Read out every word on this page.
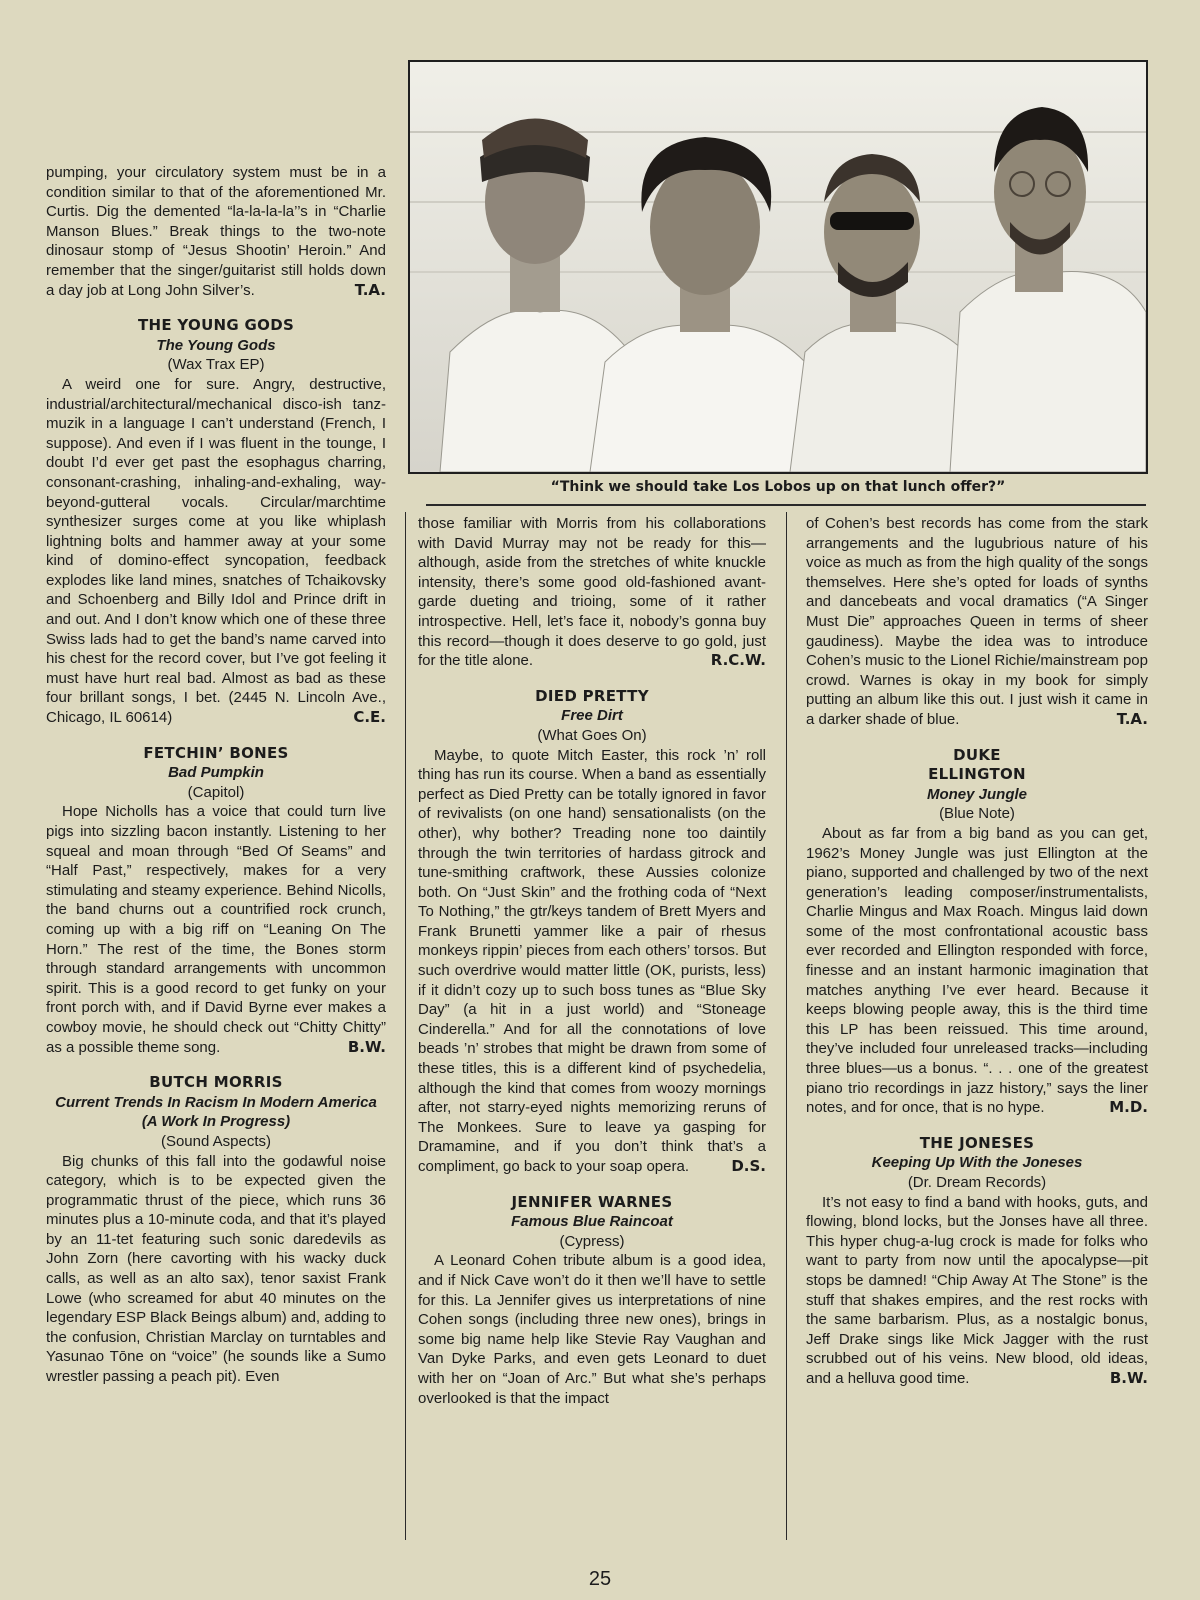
“Think we should take Los Lobos up on that lunch offer?”

pumping, your circulatory system must be in a condition similar to that of the aforementioned Mr. Curtis. Dig the demented “la-la-la-la’’s in “Charlie Manson Blues.” Break things to the two-note dinosaur stomp of “Jesus Shootin’ Heroin.” And remember that the singer/guitarist still holds down a day job at Long John Silver’s.	T.A.

THE YOUNG GODS

The Young Gods

(Wax Trax EP)

A weird one for sure. Angry, destructive, industrial/architectural/mechanical disco-ish tanz-muzik in a language I can’t understand (French, I suppose). And even if I was fluent in the tounge, I doubt I’d ever get past the esophagus charring, consonant-crashing, inhaling-and-exhaling, way-beyond-gutteral vocals. Circular/marchtime synthesizer surges come at you like whiplash lightning bolts and hammer away at your some kind of domino-effect syncopation, feedback explodes like land mines, snatches of Tchaikovsky and Schoenberg and Billy Idol and Prince drift in and out. And I don’t know which one of these three Swiss lads had to get the band’s name carved into his chest for the record cover, but I’ve got feeling it must have hurt real bad. Almost as bad as these four brillant songs, I bet. (2445 N. Lincoln Ave., Chicago, IL 60614)	C.E.

FETCHIN’ BONES

Bad Pumpkin

(Capitol)

Hope Nicholls has a voice that could turn live pigs into sizzling bacon instantly. Listening to her squeal and moan through “Bed Of Seams” and “Half Past,” respectively, makes for a very stimulating and steamy experience. Behind Nicolls, the band churns out a countrified rock crunch, coming up with a big riff on “Leaning On The Horn.” The rest of the time, the Bones storm through standard arrangements with uncommon spirit. This is a good record to get funky on your front porch with, and if David Byrne ever makes a cowboy movie, he should check out “Chitty Chitty” as a possible theme song.	B.W.

BUTCH MORRIS

Current Trends In Racism In Modern America (A Work In Progress)

(Sound Aspects)

Big chunks of this fall into the godawful noise category, which is to be expected given the programmatic thrust of the piece, which runs 36 minutes plus a 10-minute coda, and that it’s played by an 11-tet featuring such sonic daredevils as John Zorn (here cavorting with his wacky duck calls, as well as an alto sax), tenor saxist Frank Lowe (who screamed for abut 40 minutes on the legendary ESP Black Beings album) and, adding to the confusion, Christian Marclay on turntables and Yasunao Tōne on “voice” (he sounds like a Sumo wrestler passing a peach pit). Even

those familiar with Morris from his collaborations with David Murray may not be ready for this—although, aside from the stretches of white knuckle intensity, there’s some good old-fashioned avant-garde dueting and trioing, some of it rather introspective. Hell, let’s face it, nobody’s gonna buy this record—though it does deserve to go gold, just for the title alone.	R.C.W.

DIED PRETTY

Free Dirt

(What Goes On)

Maybe, to quote Mitch Easter, this rock ’n’ roll thing has run its course. When a band as essentially perfect as Died Pretty can be totally ignored in favor of revivalists (on one hand) sensationalists (on the other), why bother? Treading none too daintily through the twin territories of hardass gitrock and tune-smithing craftwork, these Aussies colonize both. On “Just Skin” and the frothing coda of “Next To Nothing,” the gtr/keys tandem of Brett Myers and Frank Brunetti yammer like a pair of rhesus monkeys rippin’ pieces from each others’ torsos. But such overdrive would matter little (OK, purists, less) if it didn’t cozy up to such boss tunes as “Blue Sky Day” (a hit in a just world) and “Stoneage Cinderella.” And for all the connotations of love beads ’n’ strobes that might be drawn from some of these titles, this is a different kind of psychedelia, although the kind that comes from woozy mornings after, not starry-eyed nights memorizing reruns of The Monkees. Sure to leave ya gasping for Dramamine, and if you don’t think that’s a compliment, go back to your soap opera.	D.S.

JENNIFER WARNES

Famous Blue Raincoat

(Cypress)

A Leonard Cohen tribute album is a good idea, and if Nick Cave won’t do it then we’ll have to settle for this. La Jennifer gives us interpretations of nine Cohen songs (including three new ones), brings in some big name help like Stevie Ray Vaughan and Van Dyke Parks, and even gets Leonard to duet with her on “Joan of Arc.” But what she’s perhaps overlooked is that the impact

of Cohen’s best records has come from the stark arrangements and the lugubrious nature of his voice as much as from the high quality of the songs themselves. Here she’s opted for loads of synths and dancebeats and vocal dramatics (“A Singer Must Die” approaches Queen in terms of sheer gaudiness). Maybe the idea was to introduce Cohen’s music to the Lionel Richie/mainstream pop crowd. Warnes is okay in my book for simply putting an album like this out. I just wish it came in a darker shade of blue.	T.A.

DUKE

ELLINGTON

Money Jungle

(Blue Note)

About as far from a big band as you can get, 1962’s Money Jungle was just Ellington at the piano, supported and challenged by two of the next generation’s leading composer/instrumentalists, Charlie Mingus and Max Roach. Mingus laid down some of the most confrontational acoustic bass ever recorded and Ellington responded with force, finesse and an instant harmonic imagination that matches anything I’ve ever heard. Because it keeps blowing people away, this is the third time this LP has been reissued. This time around, they’ve included four unreleased tracks—including three blues—us a bonus. “. . . one of the greatest piano trio recordings in jazz history,” says the liner notes, and for once, that is no hype.	M.D.

THE JONESES

Keeping Up With the Joneses

(Dr. Dream Records)

It’s not easy to find a band with hooks, guts, and flowing, blond locks, but the Jonses have all three. This hyper chug-a-lug crock is made for folks who want to party from now until the apocalypse—pit stops be damned! “Chip Away At The Stone” is the stuff that shakes empires, and the rest rocks with the same barbarism. Plus, as a nostalgic bonus, Jeff Drake sings like Mick Jagger with the rust scrubbed out of his veins. New blood, old ideas, and a helluva good time.	B.W.

25
